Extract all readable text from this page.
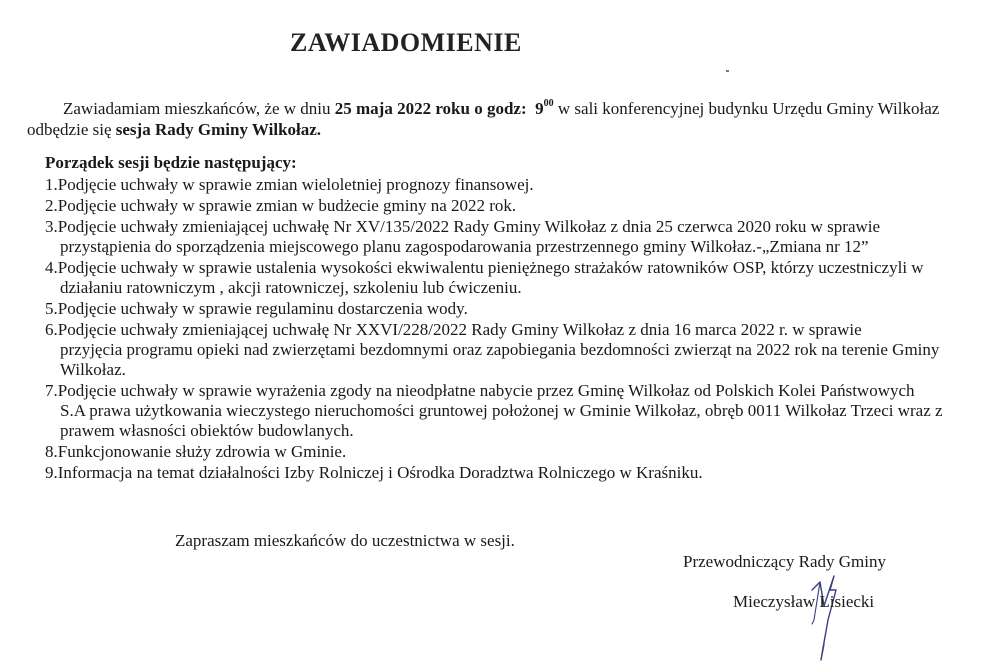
ZAWIADOMIENIE
Zawiadamiam mieszkańców, że w dniu 25 maja 2022 roku o godz: $9^{00}$ w sali konferencyjnej budynku Urzędu Gminy Wilkołaz
odbędzie się sesja Rady Gminy Wilkołaz.
Porządek sesji będzie następujący:
1.Podjęcie uchwały w sprawie zmian wieloletniej prognozy finansowej.
2.Podjęcie uchwały w sprawie zmian w budżecie gminy na 2022 rok.
3.Podjęcie uchwały zmieniającej uchwałę Nr XV/135/2022 Rady Gminy Wilkołaz z dnia 25 czerwca 2020 roku w sprawie
przystąpienia do sporządzenia miejscowego planu zagospodarowania przestrzennego gminy Wilkołaz.-„Zmiana nr 12”
4.Podjęcie uchwały w sprawie ustalenia wysokości ekwiwalentu pieniężnego strażaków ratowników OSP, którzy uczestniczyli w
działaniu ratowniczym , akcji ratowniczej, szkoleniu lub ćwiczeniu.
5.Podjęcie uchwały w sprawie regulaminu dostarczenia wody.
6.Podjęcie uchwały zmieniającej uchwałę Nr XXVI/228/2022 Rady Gminy Wilkołaz z dnia 16 marca 2022 r. w sprawie
przyjęcia programu opieki nad zwierzętami bezdomnymi oraz zapobiegania bezdomności zwierząt na 2022 rok na terenie Gminy
Wilkołaz.
7.Podjęcie uchwały w sprawie wyrażenia zgody na nieodpłatne nabycie przez Gminę Wilkołaz od Polskich Kolei Państwowych
S.A prawa użytkowania wieczystego nieruchomości gruntowej położonej w Gminie Wilkołaz, obręb 0011 Wilkołaz Trzeci wraz z
prawem własności obiektów budowlanych.
8.Funkcjonowanie służy zdrowia w Gminie.
9.Informacja na temat działalności Izby Rolniczej i Ośrodka Doradztwa Rolniczego w Kraśniku.
Zapraszam mieszkańców do uczestnictwa w sesji.
Przewodniczący Rady Gminy
Mieczysław Lisiecki
